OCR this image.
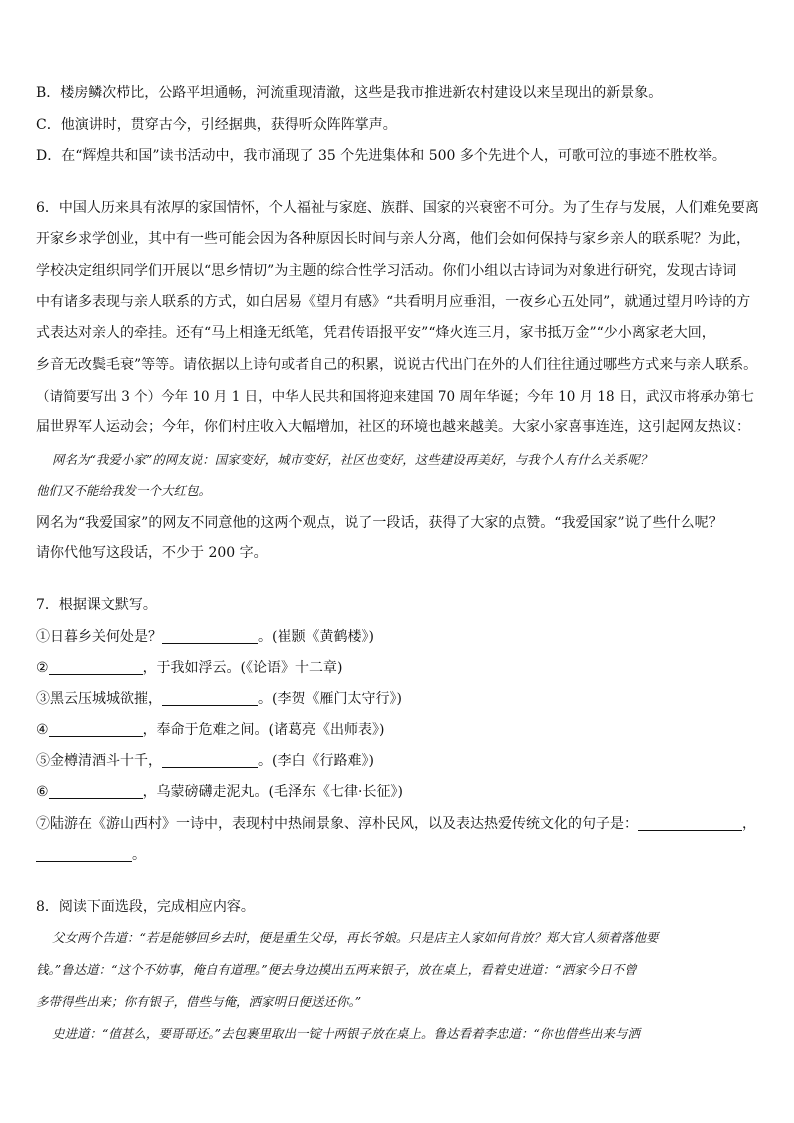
B．楼房鳞次栉比，公路平坦通畅，河流重现清澈，这些是我市推进新农村建设以来呈现出的新景象。
C．他演讲时，贯穿古今，引经据典，获得听众阵阵掌声。
D．在“辉煌共和国”读书活动中，我市涌现了 35 个先进集体和 500 多个先进个人，可歌可泣的事迹不胜枚举。
6．中国人历来具有浓厚的家国情怀，个人福祉与家庭、族群、国家的兴衰密不可分。为了生存与发展，人们难免要离
开家乡求学创业，其中有一些可能会因为各种原因长时间与亲人分离，他们会如何保持与家乡亲人的联系呢？为此，
学校决定组织同学们开展以“思乡情切”为主题的综合性学习活动。你们小组以古诗词为对象进行研究，发现古诗词
中有诸多表现与亲人联系的方式，如白居易《望月有感》“共看明月应垂泪，一夜乡心五处同”，就通过望月吟诗的方
式表达对亲人的牵挂。还有“马上相逢无纸笔，凭君传语报平安”“烽火连三月，家书抵万金”“少小离家老大回，
乡音无改鬓毛衰”等等。请依据以上诗句或者自己的积累，说说古代出门在外的人们往往通过哪些方式来与亲人联系。
（请简要写出 3 个）今年 10 月 1 日，中华人民共和国将迎来建国 70 周年华诞；今年 10 月 18 日，武汉市将承办第七
届世界军人运动会；今年，你们村庄收入大幅增加，社区的环境也越来越美。大家小家喜事连连，这引起网友热议：
网名为“我爱小家”的网友说：国家变好，城市变好，社区也变好，这些建设再美好，与我个人有什么关系呢？
他们又不能给我发一个大红包。
网名为“我爱国家”的网友不同意他的这两个观点，说了一段话，获得了大家的点赞。“我爱国家”说了些什么呢？
请你代他写这段话，不少于 200 字。
7．根据课文默写。
①日暮乡关何处是？	。(崔颢《黄鹤楼》)
②	，于我如浮云。(《论语》十二章)
③黑云压城城欲摧，	。(李贺《雁门太守行》)
④	，奉命于危难之间。(诸葛亮《出师表》)
⑤金樽清酒斗十千，	。(李白《行路难》)
⑥	，乌蒙磅礴走泥丸。(毛泽东《七律·长征》)
⑦陆游在《游山西村》一诗中，表现村中热闹景象、淳朴民风，以及表达热爱传统文化的句子是：	，
。
8．阅读下面选段，完成相应内容。
父女两个告道：“若是能够回乡去时，便是重生父母，再长爷娘。只是店主人家如何肯放？郑大官人须着落他要
钱。”鲁达道：“这个不妨事，俺自有道理。”便去身边摸出五两来银子，放在桌上，看着史进道：“洒家今日不曾
多带得些出来；你有银子，借些与俺，洒家明日便送还你。”
史进道：“值甚么，要哥哥还。”去包裹里取出一锭十两银子放在桌上。鲁达看着李忠道：“你也借些出来与洒
